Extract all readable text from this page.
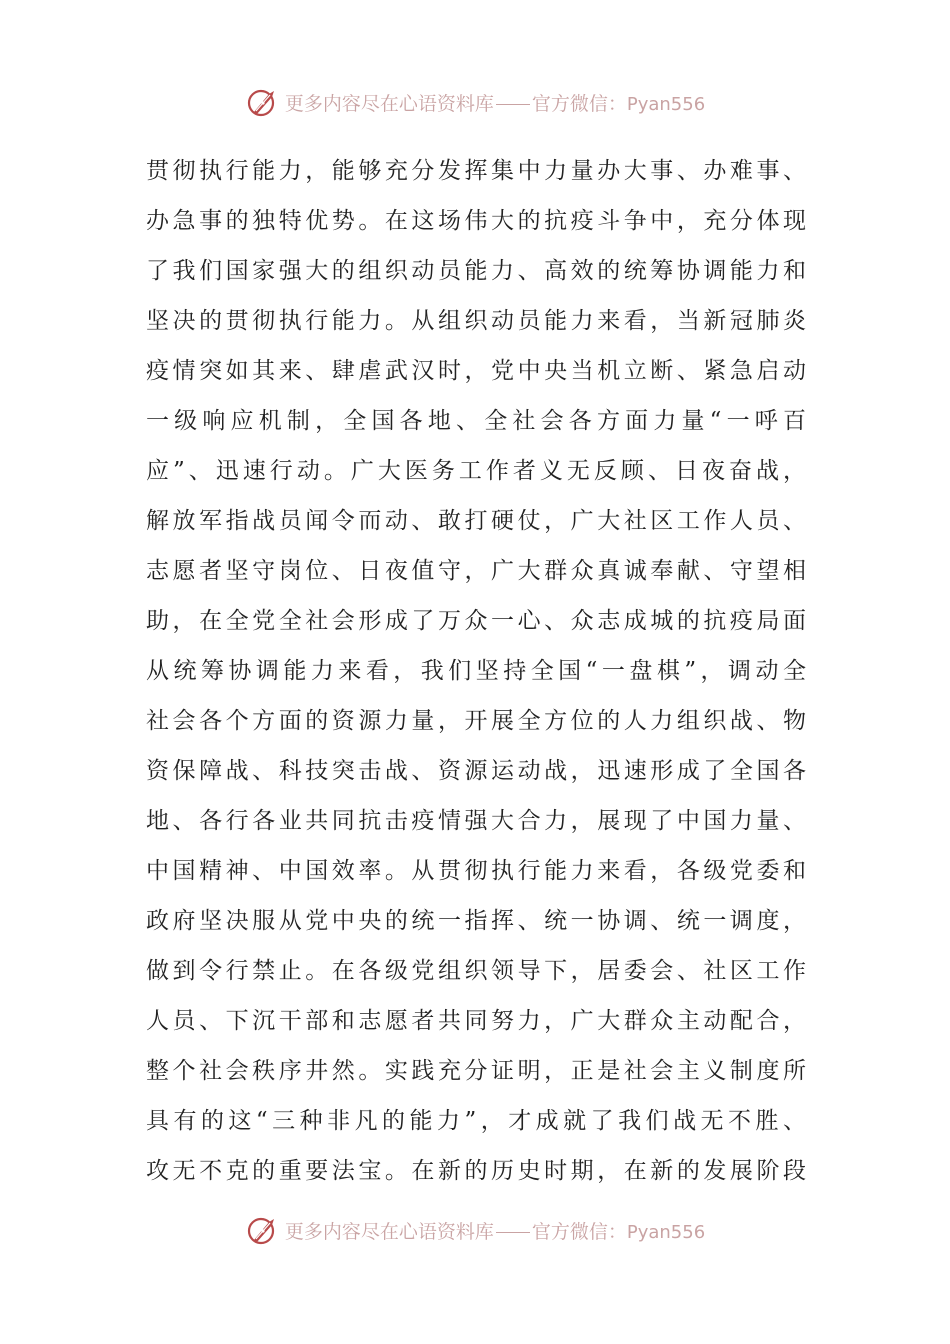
更多内容尽在心语资料库 官方微信：Pyan556
贯彻执行能力，能够充分发挥集中力量办大事、办难事、
办急事的独特优势。在这场伟大的抗疫斗争中，充分体现
了我们国家强大的组织动员能力、高效的统筹协调能力和
坚决的贯彻执行能力。从组织动员能力来看，当新冠肺炎
疫情突如其来、肆虐武汉时，党中央当机立断、紧急启动
一级响应机制，全国各地、全社会各方面力量“一呼百
应”、迅速行动。广大医务工作者义无反顾、日夜奋战，
解放军指战员闻令而动、敢打硬仗，广大社区工作人员、
志愿者坚守岗位、日夜值守，广大群众真诚奉献、守望相
助，在全党全社会形成了万众一心、众志成城的抗疫局面
从统筹协调能力来看，我们坚持全国“一盘棋”，调动全
社会各个方面的资源力量，开展全方位的人力组织战、物
资保障战、科技突击战、资源运动战，迅速形成了全国各
地、各行各业共同抗击疫情强大合力，展现了中国力量、
中国精神、中国效率。从贯彻执行能力来看，各级党委和
政府坚决服从党中央的统一指挥、统一协调、统一调度，
做到令行禁止。在各级党组织领导下，居委会、社区工作
人员、下沉干部和志愿者共同努力，广大群众主动配合，
整个社会秩序井然。实践充分证明，正是社会主义制度所
具有的这“三种非凡的能力”，才成就了我们战无不胜、
攻无不克的重要法宝。在新的历史时期，在新的发展阶段
更多内容尽在心语资料库 官方微信：Pyan556
